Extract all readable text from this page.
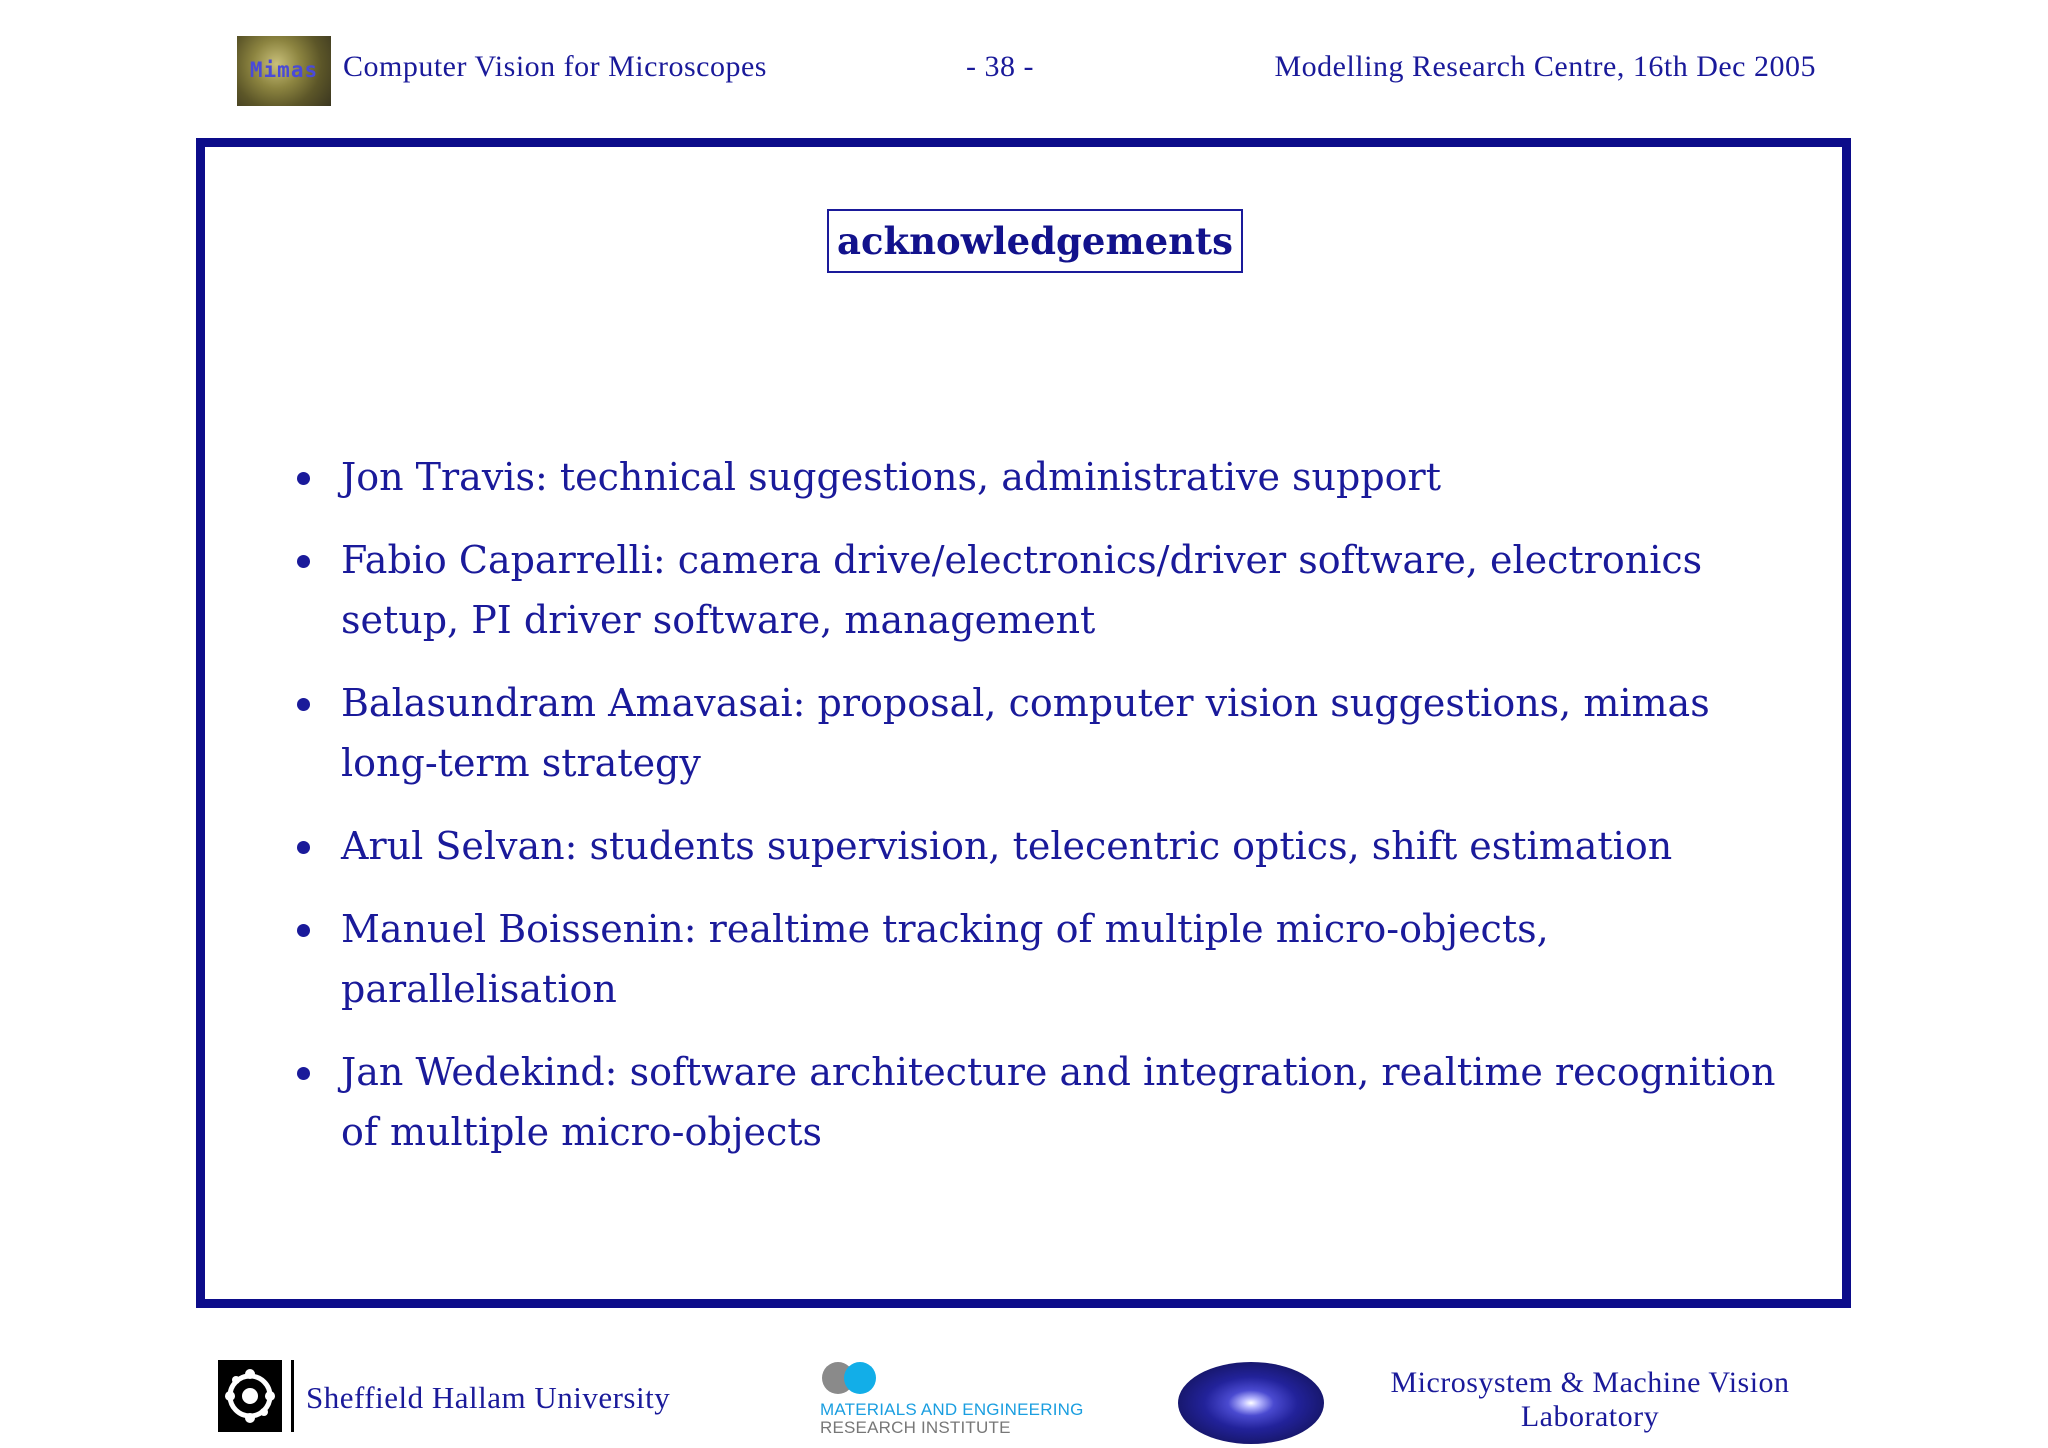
Mimas Computer Vision for Microscopes	- 38 -	Modelling Research Centre, 16th Dec 2005
acknowledgements
Jon Travis: technical suggestions, administrative support
Fabio Caparrelli: camera drive/electronics/driver software, electronics setup, PI driver software, management
Balasundram Amavasai: proposal, computer vision suggestions, mimas long-term strategy
Arul Selvan: students supervision, telecentric optics, shift estimation
Manuel Boissenin: realtime tracking of multiple micro-objects, parallelisation
Jan Wedekind: software architecture and integration, realtime recognition of multiple micro-objects
Sheffield Hallam University	MATERIALS AND ENGINEERING
RESEARCH INSTITUTE
Microsystem & Machine Vision
Laboratory
